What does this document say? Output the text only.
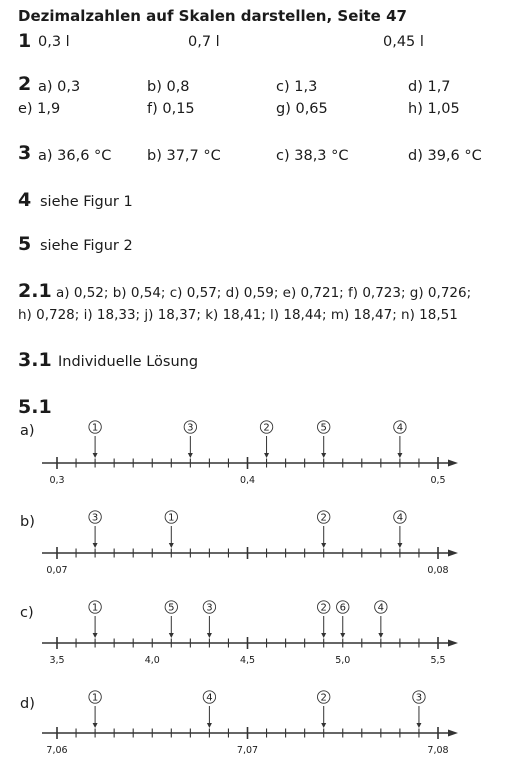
Dezimalzahlen auf Skalen darstellen, Seite 47
1 0,3 l	0,7 l	0,45 l
2 a) 0,3	b) 0,8	c) 1,3	d) 1,7
e) 1,9	f) 0,15	g) 0,65	h) 1,05
3 a) 36,6 °C b) 37,7 °C	c) 38,3 °C	d) 39,6 °C
4 siehe Figur 1
5 siehe Figur 2
2.1 a) 0,52; b) 0,54; c) 0,57; d) 0,59; e) 0,721; f) 0,723; g) 0,726;
h) 0,728; i) 18,33; j) 18,37; k) 18,41; l) 18,44; m) 18,47; n) 18,51
3.1 Individuelle Lösung
5.1
a)
b)
c)
d)
0,3	0,4	0,5
1	3	2	5	4
0,07	0,08
3	1	2	4
3,5	4,0	4,5	5,0	5,5
1	5	3	2 6	4
7,06	7,07	7,08
1	4	2	3
